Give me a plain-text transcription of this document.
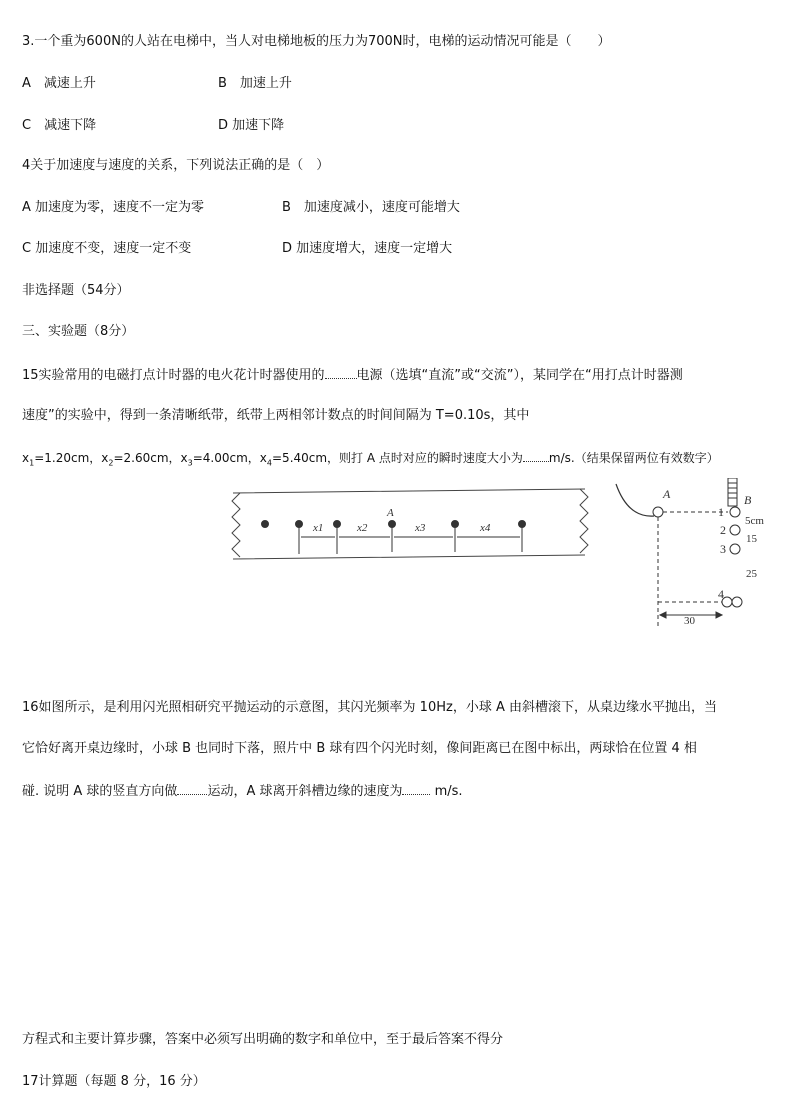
3.一个重为600N的人站在电梯中，当人对电梯地板的压力为700N时，电梯的运动情况可能是（　　）
A　减速上升	B　加速上升
C　减速下降	D 加速下降
4关于加速度与速度的关系，下列说法正确的是（　）
A 加速度为零，速度不一定为零	B　加速度减小，速度可能增大
C 加速度不变，速度一定不变	D 加速度增大，速度一定增大
非选择题（54分）
三、实验题（8分）
15实验常用的电磁打点计时器的电火花计时器使用的 电源（选填“直流”或“交流”），某同学在“用打点计时器测
速度”的实验中，得到一条清晰纸带，纸带上两相邻计数点的时间间隔为 T=0.10s，其中
$x_1=1.20cm$，$x_2=2.60cm$，$x_3=4.00cm$，$x_4=5.40cm$，则打 A 点时对应的瞬时速度大小为 m/s.（结果保留两位有效数字）
x1	x2	x3	x4
A
A	B
1
2
3
4
5cm
15
25
30
16如图所示，是利用闪光照相研究平抛运动的示意图，其闪光频率为 10Hz，小球 A 由斜槽滚下，从桌边缘水平抛出，当
它恰好离开桌边缘时，小球 B 也同时下落，照片中 B 球有四个闪光时刻，像间距离已在图中标出，两球恰在位置 4 相
碰. 说明 A 球的竖直方向做 运动，A 球离开斜槽边缘的速度为 m/s.
方程式和主要计算步骤，答案中必须写出明确的数字和单位中，至于最后答案不得分
17计算题（每题 8 分，16 分）
